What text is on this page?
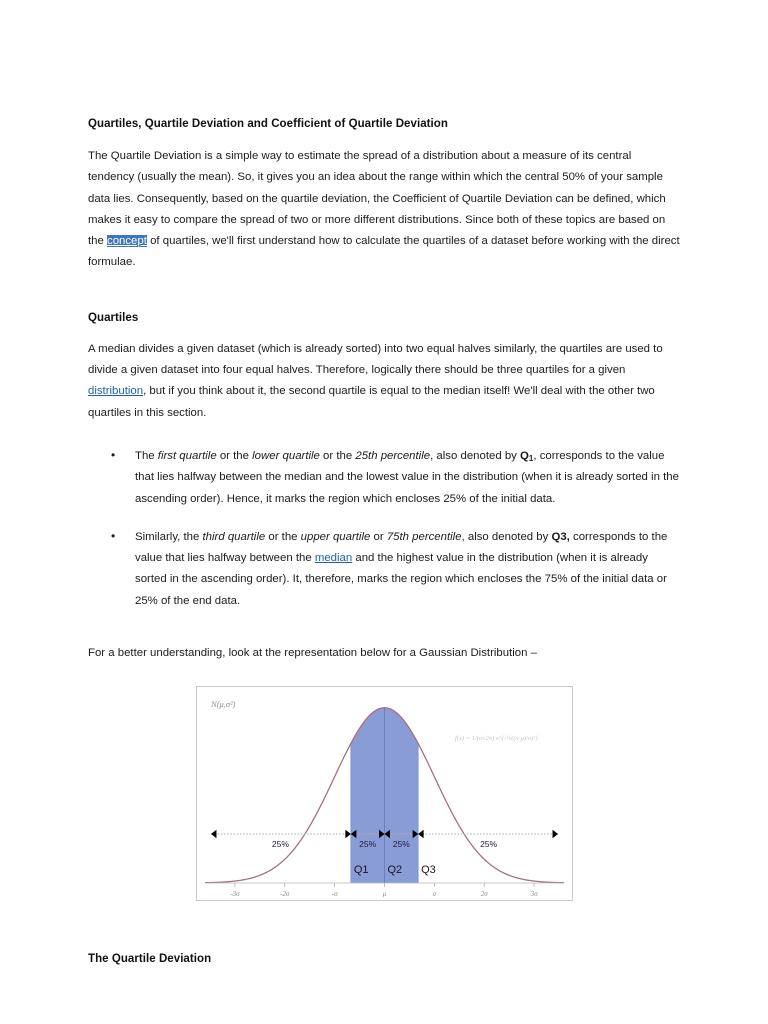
Quartiles, Quartile Deviation and Coefficient of Quartile Deviation

The Quartile Deviation is a simple way to estimate the spread of a distribution about a measure of its central tendency (usually the mean). So, it gives you an idea about the range within which the central 50% of your sample data lies. Consequently, based on the quartile deviation, the Coefficient of Quartile Deviation can be defined, which makes it easy to compare the spread of two or more different distributions. Since both of these topics are based on the concept of quartiles, we'll first understand how to calculate the quartiles of a dataset before working with the direct formulae.

Quartiles

A median divides a given dataset (which is already sorted) into two equal halves similarly, the quartiles are used to divide a given dataset into four equal halves. Therefore, logically there should be three quartiles for a given distribution, but if you think about it, the second quartile is equal to the median itself! We'll deal with the other two quartiles in this section.

• The first quartile or the lower quartile or the 25th percentile, also denoted by $Q_1$, corresponds to the value that lies halfway between the median and the lowest value in the distribution (when it is already sorted in the ascending order). Hence, it marks the region which encloses 25% of the initial data.
• Similarly, the third quartile or the upper quartile or 75th percentile, also denoted by Q3, corresponds to the value that lies halfway between the median and the highest value in the distribution (when it is already sorted in the ascending order). It, therefore, marks the region which encloses the 75% of the initial data or 25% of the end data.

For a better understanding, look at the representation below for a Gaussian Distribution –

-3σ	-2σ	-σ	μ	σ	2σ	3σ
25%	25% 25%	25%
Q1 Q2 Q3
N(μ,σ²)
f(x) = 1/(σ√2π) e^{-½((x-μ)/σ)²}
The Quartile Deviation
